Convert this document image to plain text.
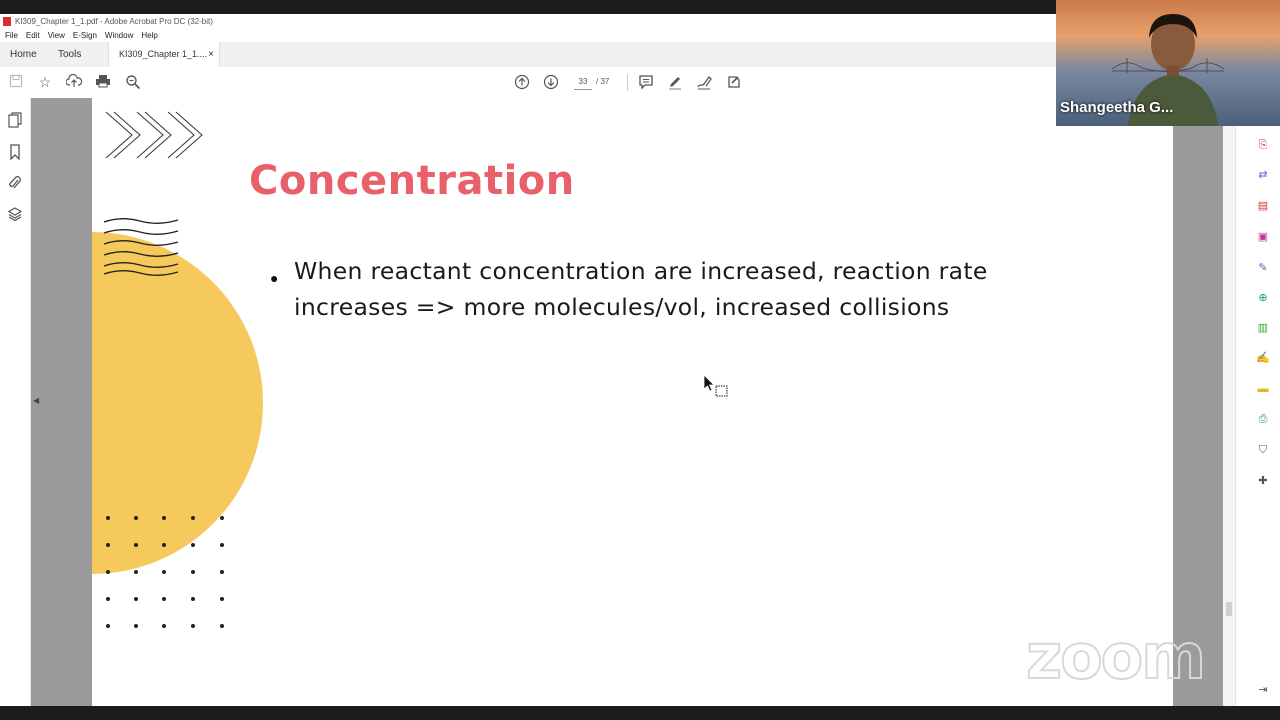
KI309_Chapter 1_1.pdf - Adobe Acrobat Pro DC (32-bit)
File Edit View E-Sign Window Help
Home Tools	KI309_Chapter 1_1.... ×
☆	33	/ 37
◀
Concentration
● When reactant concentration are increased, reaction rate
increases => more molecules/vol, increased collisions
⎘
⇄
▤
▣
✎
⊕
▥
✍
▬
⎙
⛉
✚
⇥
Shangeetha G...
zoom
